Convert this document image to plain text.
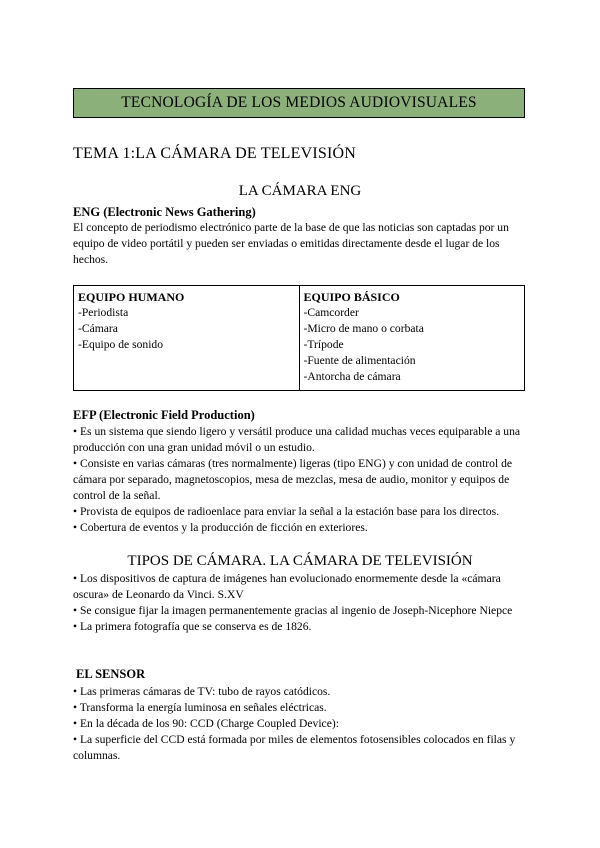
TECNOLOGÍA DE LOS MEDIOS AUDIOVISUALES
TEMA 1:LA CÁMARA DE TELEVISIÓN
LA CÁMARA ENG
ENG (Electronic News Gathering)

El concepto de periodismo electrónico parte de la base de que las noticias son captadas por un equipo de video portátil y pueden ser enviadas o emitidas directamente desde el lugar de los hechos.

EQUIPO HUMANO
-Periodista
-Cámara
-Equipo de sonido

EQUIPO BÁSICO
-Camcorder
-Micro de mano o corbata
-Trípode
-Fuente de alimentación
-Antorcha de cámara
EFP (Electronic Field Production)

• Es un sistema que siendo ligero y versátil produce una calidad muchas veces equiparable a una producción con una gran unidad móvil o un estudio.

• Consiste en varias cámaras (tres normalmente) ligeras (tipo ENG) y con unidad de control de cámara por separado, magnetoscopios, mesa de mezclas, mesa de audio, monitor y equipos de control de la señal.

• Provista de equipos de radioenlace para enviar la señal a la estación base para los directos.

• Cobertura de eventos y la producción de ficción en exteriores.

TIPOS DE CÁMARA. LA CÁMARA DE TELEVISIÓN

• Los dispositivos de captura de imágenes han evolucionado enormemente desde la «cámara oscura» de Leonardo da Vinci. S.XV

• Se consigue fijar la imagen permanentemente gracias al ingenio de Joseph-Nicephore Niepce

• La primera fotografía que se conserva es de 1826.

EL SENSOR

• Las primeras cámaras de TV: tubo de rayos catódicos.

• Transforma la energía luminosa en señales eléctricas.

• En la década de los 90: CCD (Charge Coupled Device):

• La superficie del CCD está formada por miles de elementos fotosensibles colocados en filas y columnas.
